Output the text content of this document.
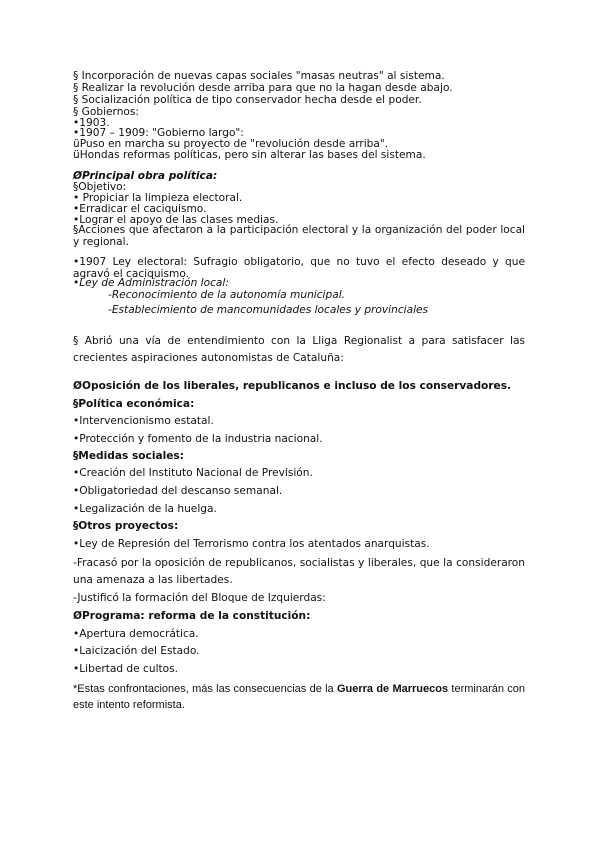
§ Incorporación de nuevas capas sociales "masas neutras" al sistema.
§ Realizar la revolución desde arriba para que no la hagan desde abajo.
§ Socialización política de tipo conservador hecha desde el poder.
§ Gobiernos:
•1903.
•1907 – 1909: "Gobierno largo":
üPuso en marcha su proyecto de "revolución desde arriba".
üHondas reformas políticas, pero sin alterar las bases del sistema.
ØPrincipal obra política:
§Objetivo:
• Propiciar la limpieza electoral.
•Erradicar el caciquismo.
•Lograr el apoyo de las clases medias.
§Acciones que afectaron a la participación electoral y la organización del poder local y regional.
•1907 Ley electoral: Sufragio obligatorio, que no tuvo el efecto deseado y que agravó el caciquismo.
•Ley de Administración local:
-Reconocimiento de la autonomía municipal.
-Establecimiento de mancomunidades locales y provinciales
§ Abrió una vía de entendimiento con la Lliga Regionalist a para satisfacer las crecientes aspiraciones autonomistas de Cataluña:
ØOposición de los liberales, republicanos e incluso de los conservadores.
§Política económica:
•Intervencionismo estatal.
•Protección y fomento de la industria nacional.
§Medidas sociales:
•Creación del Instituto Nacional de Previsión.
•Obligatoriedad del descanso semanal.
•Legalización de la huelga.
§Otros proyectos:
•Ley de Represión del Terrorismo contra los atentados anarquistas.
-Fracasó por la oposición de republicanos, socialistas y liberales, que la consideraron una amenaza a las libertades.
-Justificó la formación del Bloque de Izquierdas:
ØPrograma: reforma de la constitución:
•Apertura democrática.
•Laicización del Estado.
•Libertad de cultos.
*Estas confrontaciones, más las consecuencias de la Guerra de Marruecos terminarán con este intento reformista.
